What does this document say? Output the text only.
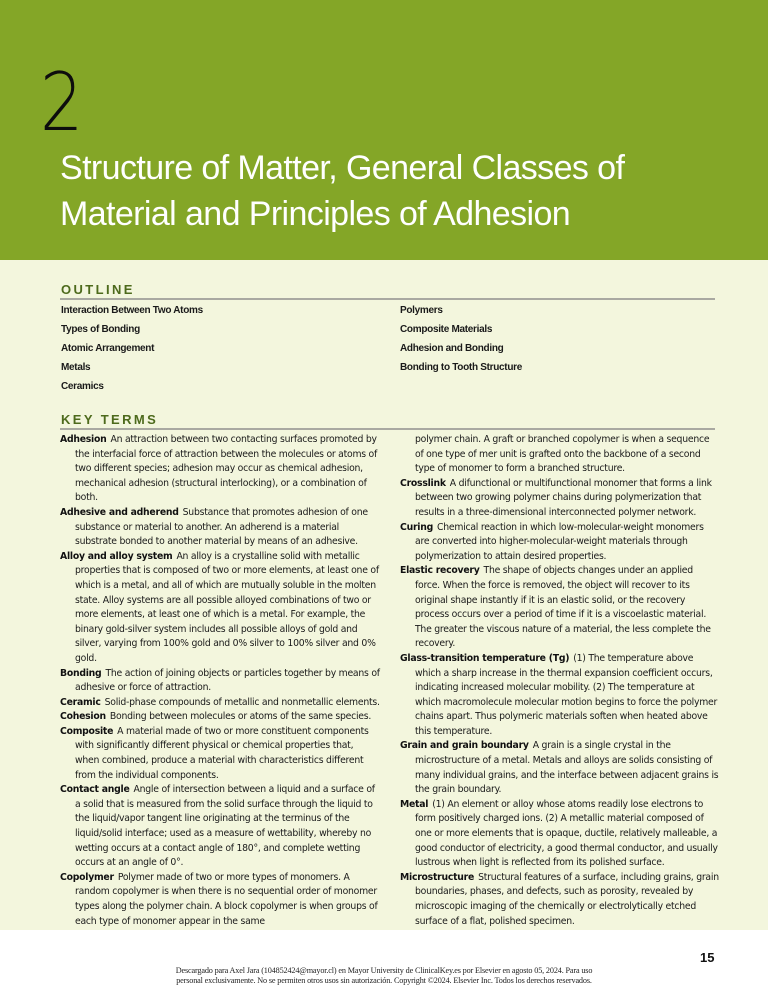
2
Structure of Matter, General Classes of
Material and Principles of Adhesion
OUTLINE
Interaction Between Two Atoms
Types of Bonding
Atomic Arrangement
Metals
Ceramics
Polymers
Composite Materials
Adhesion and Bonding
Bonding to Tooth Structure
KEY TERMS
Adhesion An attraction between two contacting surfaces promoted by the interfacial force of attraction between the molecules or atoms of two different species; adhesion may occur as chemical adhesion, mechanical adhesion (structural interlocking), or a combination of both.
Adhesive and adherend Substance that promotes adhesion of one substance or material to another. An adherend is a material substrate bonded to another material by means of an adhesive.
Alloy and alloy system An alloy is a crystalline solid with metallic properties that is composed of two or more elements, at least one of which is a metal, and all of which are mutually soluble in the molten state. Alloy systems are all possible alloyed combinations of two or more elements, at least one of which is a metal. For example, the binary gold-silver system includes all possible alloys of gold and silver, varying from 100% gold and 0% silver to 100% silver and 0% gold.
Bonding The action of joining objects or particles together by means of adhesive or force of attraction.
Ceramic Solid-phase compounds of metallic and nonmetallic elements.
Cohesion Bonding between molecules or atoms of the same species.
Composite A material made of two or more constituent components with significantly different physical or chemical properties that, when combined, produce a material with characteristics different from the individual components.
Contact angle Angle of intersection between a liquid and a surface of a solid that is measured from the solid surface through the liquid to the liquid/vapor tangent line originating at the terminus of the liquid/solid interface; used as a measure of wettability, whereby no wetting occurs at a contact angle of 180°, and complete wetting occurs at an angle of 0°.
Copolymer Polymer made of two or more types of monomers. A random copolymer is when there is no sequential order of monomer types along the polymer chain. A block copolymer is when groups of each type of monomer appear in the same
polymer chain. A graft or branched copolymer is when a sequence of one type of mer unit is grafted onto the backbone of a second type of monomer to form a branched structure.
Crosslink A difunctional or multifunctional monomer that forms a link between two growing polymer chains during polymerization that results in a three-dimensional interconnected polymer network.
Curing Chemical reaction in which low-molecular-weight monomers are converted into higher-molecular-weight materials through polymerization to attain desired properties.
Elastic recovery The shape of objects changes under an applied force. When the force is removed, the object will recover to its original shape instantly if it is an elastic solid, or the recovery process occurs over a period of time if it is a viscoelastic material. The greater the viscous nature of a material, the less complete the recovery.
Glass-transition temperature (Tg) (1) The temperature above which a sharp increase in the thermal expansion coefficient occurs, indicating increased molecular mobility. (2) The temperature at which macromolecule molecular motion begins to force the polymer chains apart. Thus polymeric materials soften when heated above this temperature.
Grain and grain boundary A grain is a single crystal in the microstructure of a metal. Metals and alloys are solids consisting of many individual grains, and the interface between adjacent grains is the grain boundary.
Metal (1) An element or alloy whose atoms readily lose electrons to form positively charged ions. (2) A metallic material composed of one or more elements that is opaque, ductile, relatively malleable, a good conductor of electricity, a good thermal conductor, and usually lustrous when light is reflected from its polished surface.
Microstructure Structural features of a surface, including grains, grain boundaries, phases, and defects, such as porosity, revealed by microscopic imaging of the chemically or electrolytically etched surface of a flat, polished specimen.
15
Descargado para Axel Jara (104852424@mayor.cl) en Mayor University de ClinicalKey.es por Elsevier en agosto 05, 2024. Para uso
personal exclusivamente. No se permiten otros usos sin autorización. Copyright ©2024. Elsevier Inc. Todos los derechos reservados.
